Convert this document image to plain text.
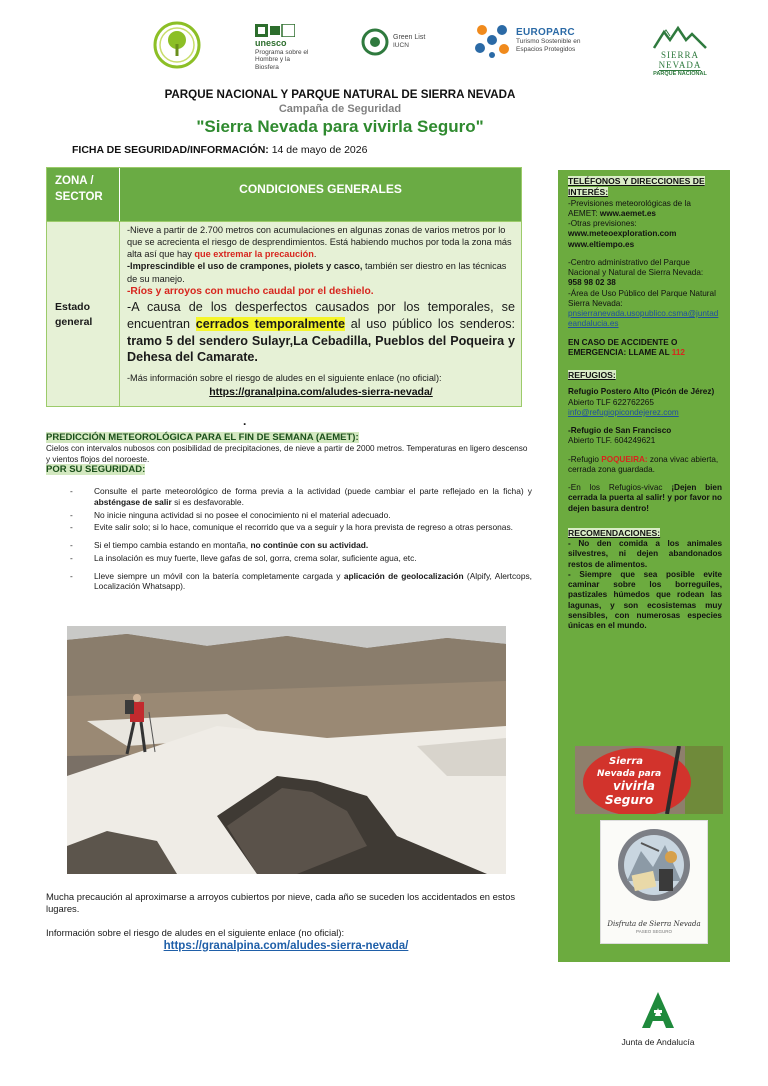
unesco
Programa sobre el Hombre y la Biosfera
Green List
IUCN
EUROPARC
Turismo Sostenible en
Espacios Protegidos
SIERRA
NEVADA
PARQUE NACIONAL
PARQUE NACIONAL Y PARQUE NATURAL DE SIERRA NEVADA
Campaña de Seguridad
"Sierra Nevada para vivirla Seguro"
FICHA DE SEGURIDAD/INFORMACIÓN: 14 de mayo de 2026
ZONA / SECTOR
CONDICIONES GENERALES
Estado
general
-Nieve a partir de 2.700 metros con acumulaciones en algunas zonas de varios metros por lo que se acrecienta el riesgo de desprendimientos. Está habiendo muchos por toda la zona más alta así que hay que extremar la precaución.
-Imprescindible el uso de crampones, piolets y casco, también ser diestro en las técnicas de su manejo.
-Ríos y arroyos con mucho caudal por el deshielo.
-A causa de los desperfectos causados por los temporales, se encuentran cerrados temporalmente al uso público los senderos: tramo 5 del sendero Sulayr,La Cebadilla, Pueblos del Poqueira y Dehesa del Camarate.
-Más información sobre el riesgo de aludes en el siguiente enlace (no oficial):
https://granalpina.com/aludes-sierra-nevada/
.
PREDICCIÓN METEOROLÓGICA PARA EL FIN DE SEMANA (AEMET):
Cielos con intervalos nubosos con posibilidad de precipitaciones, de nieve a partir de 2000 metros. Temperaturas en ligero descenso y vientos flojos del noroeste.
POR SU SEGURIDAD:
- Consulte el parte meteorológico de forma previa a la actividad (puede cambiar el parte reflejado en la ficha) y absténgase de salir si es desfavorable.
- No inicie ninguna actividad si no posee el conocimiento ni el material adecuado.
- Evite salir solo; si lo hace, comunique el recorrido que va a seguir y la hora prevista de regreso a otras personas.
- Si el tiempo cambia estando en montaña, no continúe con su actividad.
- La insolación es muy fuerte, lleve gafas de sol, gorra, crema solar, suficiente agua, etc.
- Lleve siempre un móvil con la batería completamente cargada y aplicación de geolocalización (Alpify, Alertcops, Localización Whatsapp).
Mucha precaución al aproximarse a arroyos cubiertos por nieve, cada año se suceden los accidentados en estos lugares.
Información sobre el riesgo de aludes en el siguiente enlace (no oficial):
https://granalpina.com/aludes-sierra-nevada/
TELÉFONOS Y DIRECCIONES DE INTERÉS:
-Previsiones meteorológicas de la AEMET: www.aemet.es
-Otras previsiones:
www.meteoexploration.com
www.eltiempo.es
-Centro administrativo del Parque Nacional y Natural de Sierra Nevada:
958 98 02 38
-Área de Uso Público del Parque Natural Sierra Nevada:
pnsierranevada.usopublico.csma@juntadeandalucia.es
EN CASO DE ACCIDENTE O EMERGENCIA: LLAME AL 112
REFUGIOS:
Refugio Postero Alto (Picón de Jérez)
Abierto TLF 622762265
info@refugiopicondejerez.com
-Refugio de San Francisco
Abierto TLF. 604249621
-Refugio POQUEIRA: zona vivac abierta, cerrada zona guardada.
-En los Refugios-vivac ¡Dejen bien cerrada la puerta al salir! y por favor no dejen basura dentro!
RECOMENDACIONES:
- No den comida a los animales silvestres, ni dejen abandonados restos de alimentos.
- Siempre que sea posible evite caminar sobre los borreguiles, pastizales húmedos que rodean las lagunas, y son ecosistemas muy sensibles, con numerosas especies únicas en el mundo.
Sierra
Nevada para
vivirla
Seguro
Disfruta de Sierra Nevada
PASEO SEGURO
Junta de Andalucía
